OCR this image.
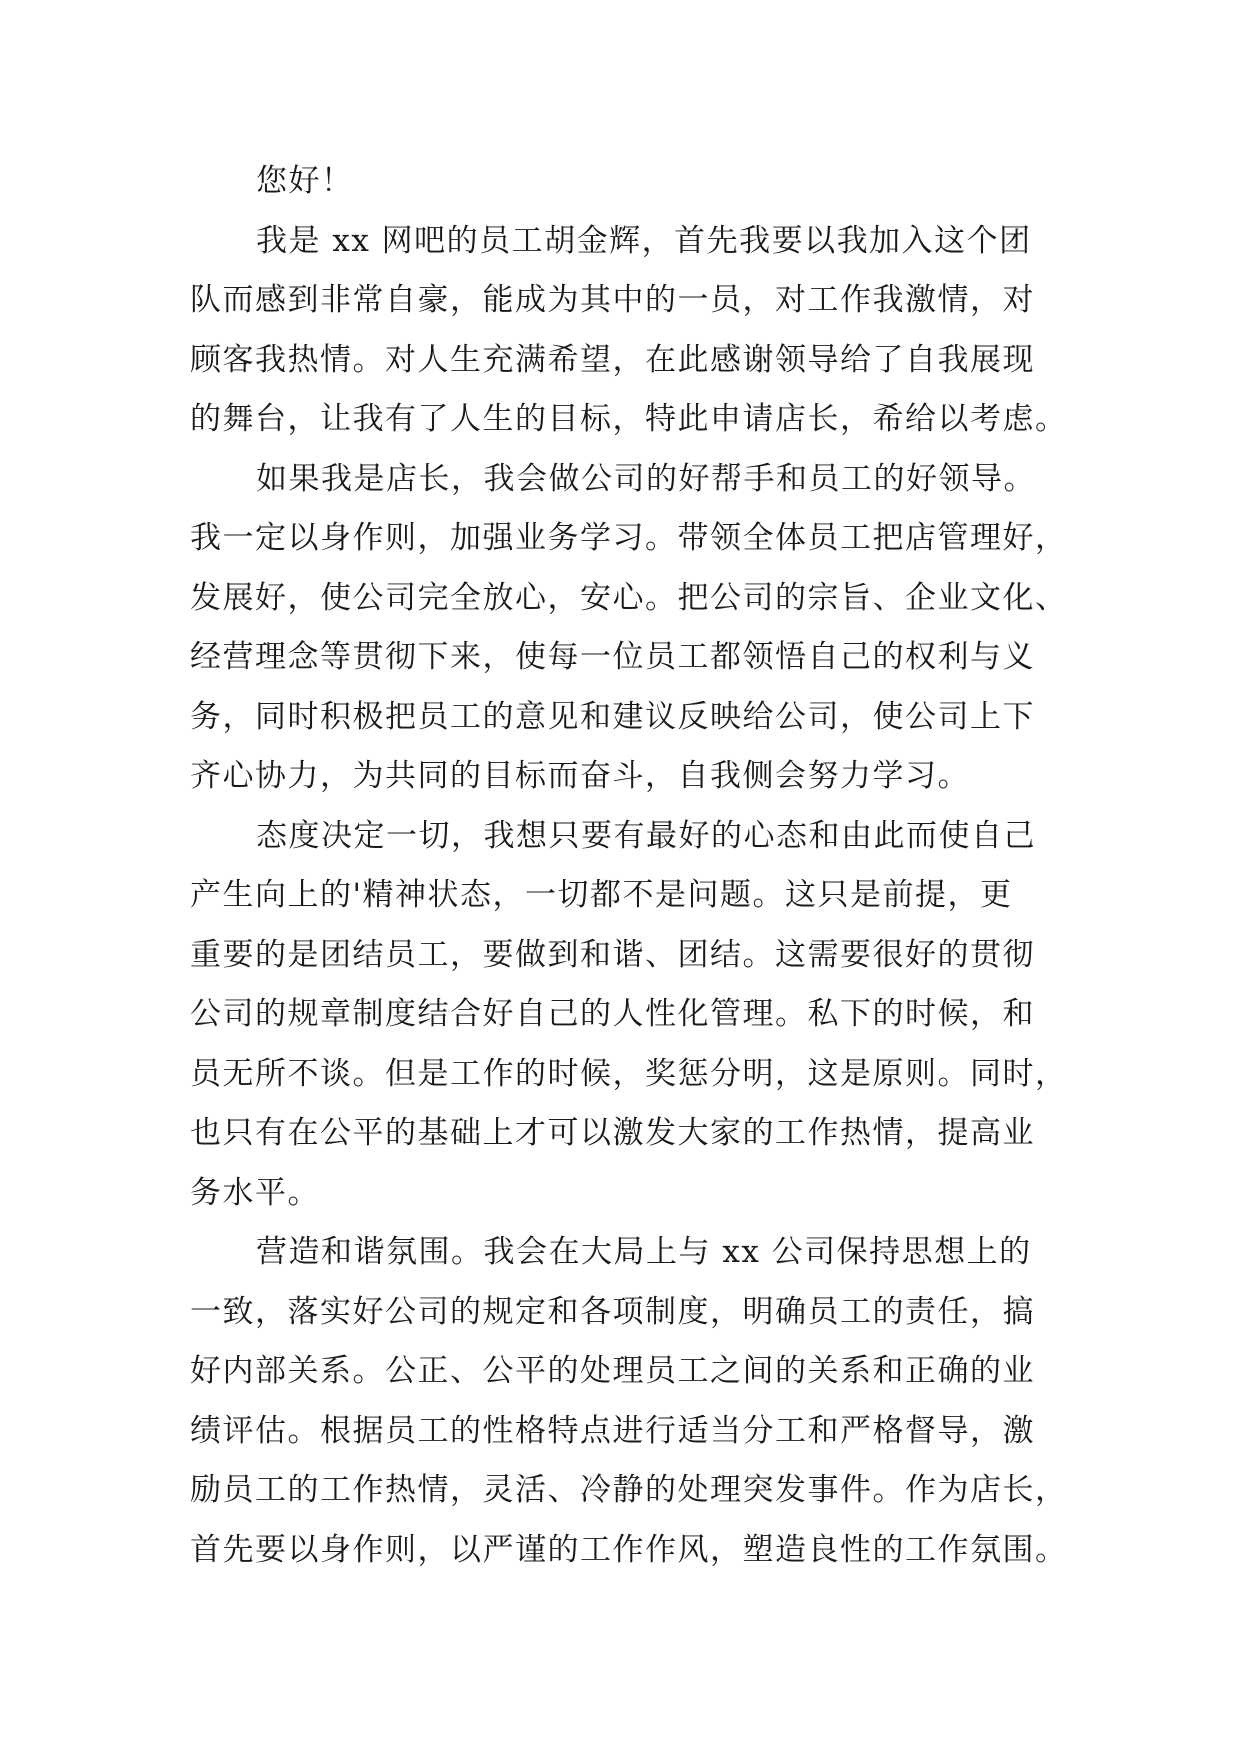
您好！
我是 xx 网吧的员工胡金辉，首先我要以我加入这个团
队而感到非常自豪，能成为其中的一员，对工作我激情，对
顾客我热情。对人生充满希望，在此感谢领导给了自我展现
的舞台，让我有了人生的目标，特此申请店长，希给以考虑。
如果我是店长，我会做公司的好帮手和员工的好领导。
我一定以身作则，加强业务学习。带领全体员工把店管理好，
发展好，使公司完全放心，安心。把公司的宗旨、企业文化、
经营理念等贯彻下来，使每一位员工都领悟自己的权利与义
务，同时积极把员工的意见和建议反映给公司，使公司上下
齐心协力，为共同的目标而奋斗，自我侧会努力学习。
态度决定一切，我想只要有最好的心态和由此而使自己
产生向上的'精神状态，一切都不是问题。这只是前提，更
重要的是团结员工，要做到和谐、团结。这需要很好的贯彻
公司的规章制度结合好自己的人性化管理。私下的时候，和
员无所不谈。但是工作的时候，奖惩分明，这是原则。同时，
也只有在公平的基础上才可以激发大家的工作热情，提高业
务水平。
营造和谐氛围。我会在大局上与 xx 公司保持思想上的
一致，落实好公司的规定和各项制度，明确员工的责任，搞
好内部关系。公正、公平的处理员工之间的关系和正确的业
绩评估。根据员工的性格特点进行适当分工和严格督导，激
励员工的工作热情，灵活、冷静的处理突发事件。作为店长，
首先要以身作则，以严谨的工作作风，塑造良性的工作氛围。
